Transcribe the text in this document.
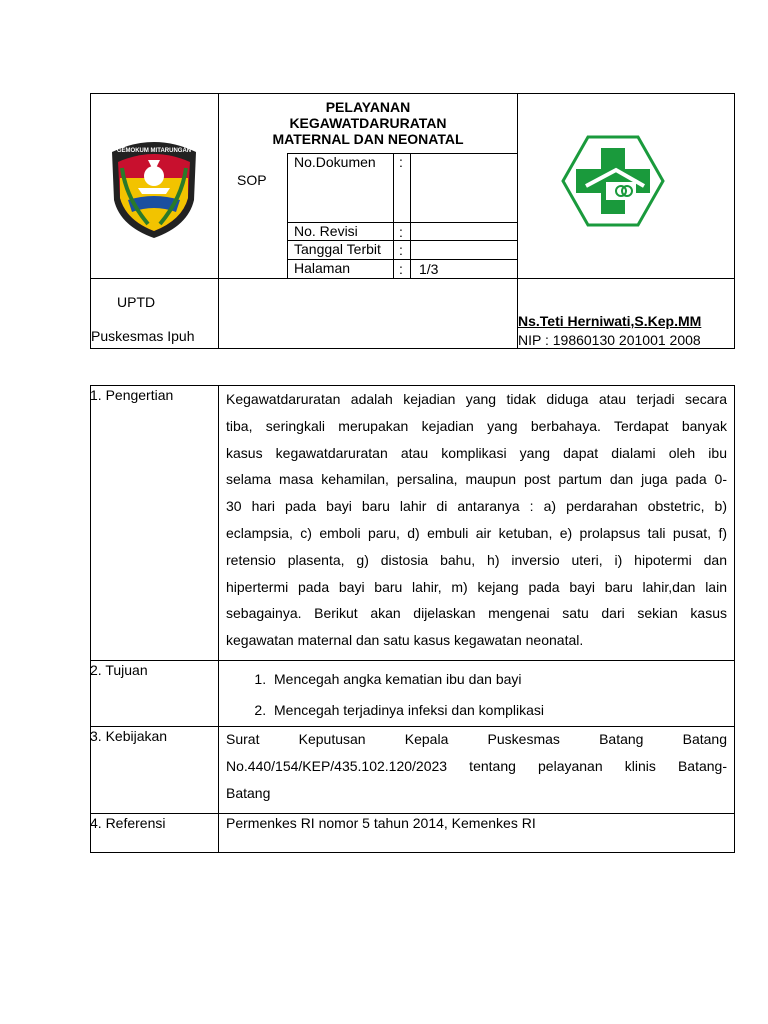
GEMOKUM MITARUNGAN
PELAYANAN
KEGAWATDARURATAN
MATERNAL DAN NEONATAL
SOP
No.Dokumen :
No. Revisi	:
Tanggal Terbit :
Halaman	: 1/3
UPTD
Puskesmas Ipuh
Ns.Teti Herniwati,S.Kep.MM
NIP : 19860130 201001 2008
1. Pengertian
2. Tujuan
3. Kebijakan
4. Referensi
Kegawatdaruratan adalah kejadian yang tidak diduga atau terjadi secara
tiba, seringkali merupakan kejadian yang berbahaya. Terdapat banyak
kasus kegawatdaruratan atau komplikasi yang dapat dialami oleh ibu
selama masa kehamilan, persalina, maupun post partum dan juga pada 0-
30 hari pada bayi baru lahir di antaranya : a) perdarahan obstetric, b)
eclampsia, c) emboli paru, d) embuli air ketuban, e) prolapsus tali pusat, f)
retensio plasenta, g) distosia bahu, h) inversio uteri, i) hipotermi dan
hipertermi pada bayi baru lahir, m) kejang pada bayi baru lahir,dan lain
sebagainya. Berikut akan dijelaskan mengenai satu dari sekian kasus
kegawatan maternal dan satu kasus kegawatan neonatal.
1. Mencegah angka kematian ibu dan bayi
2. Mencegah terjadinya infeksi dan komplikasi
Surat Keputusan Kepala Puskesmas Batang Batang
No.440/154/KEP/435.102.120/2023 tentang pelayanan klinis Batang-
Batang
Permenkes RI nomor 5 tahun 2014, Kemenkes RI
